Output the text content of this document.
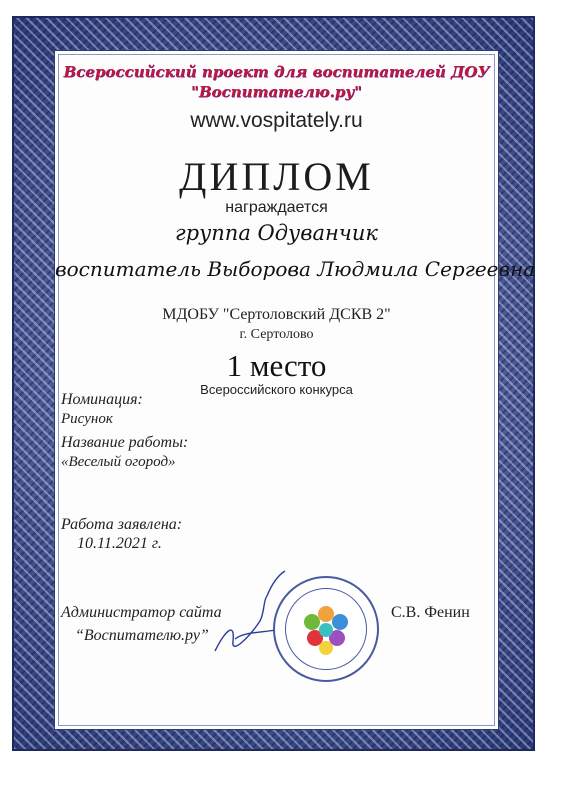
Всероссийский проект для воспитателей ДОУ
"Воспитателю.ру"
www.vospitately.ru
ДИПЛОМ
награждается
группа Одуванчик
воспитатель Выборова Людмила Сергеевна
МДОБУ "Сертоловский ДСКВ 2"
г. Сертолово
1 место
Всероссийского конкурса
Номинация:
Рисунок
Название работы:
«Веселый огород»
Работа заявлена:
10.11.2021 г.
Администратор сайта
“Воспитателю.ру”
С.В. Фенин
